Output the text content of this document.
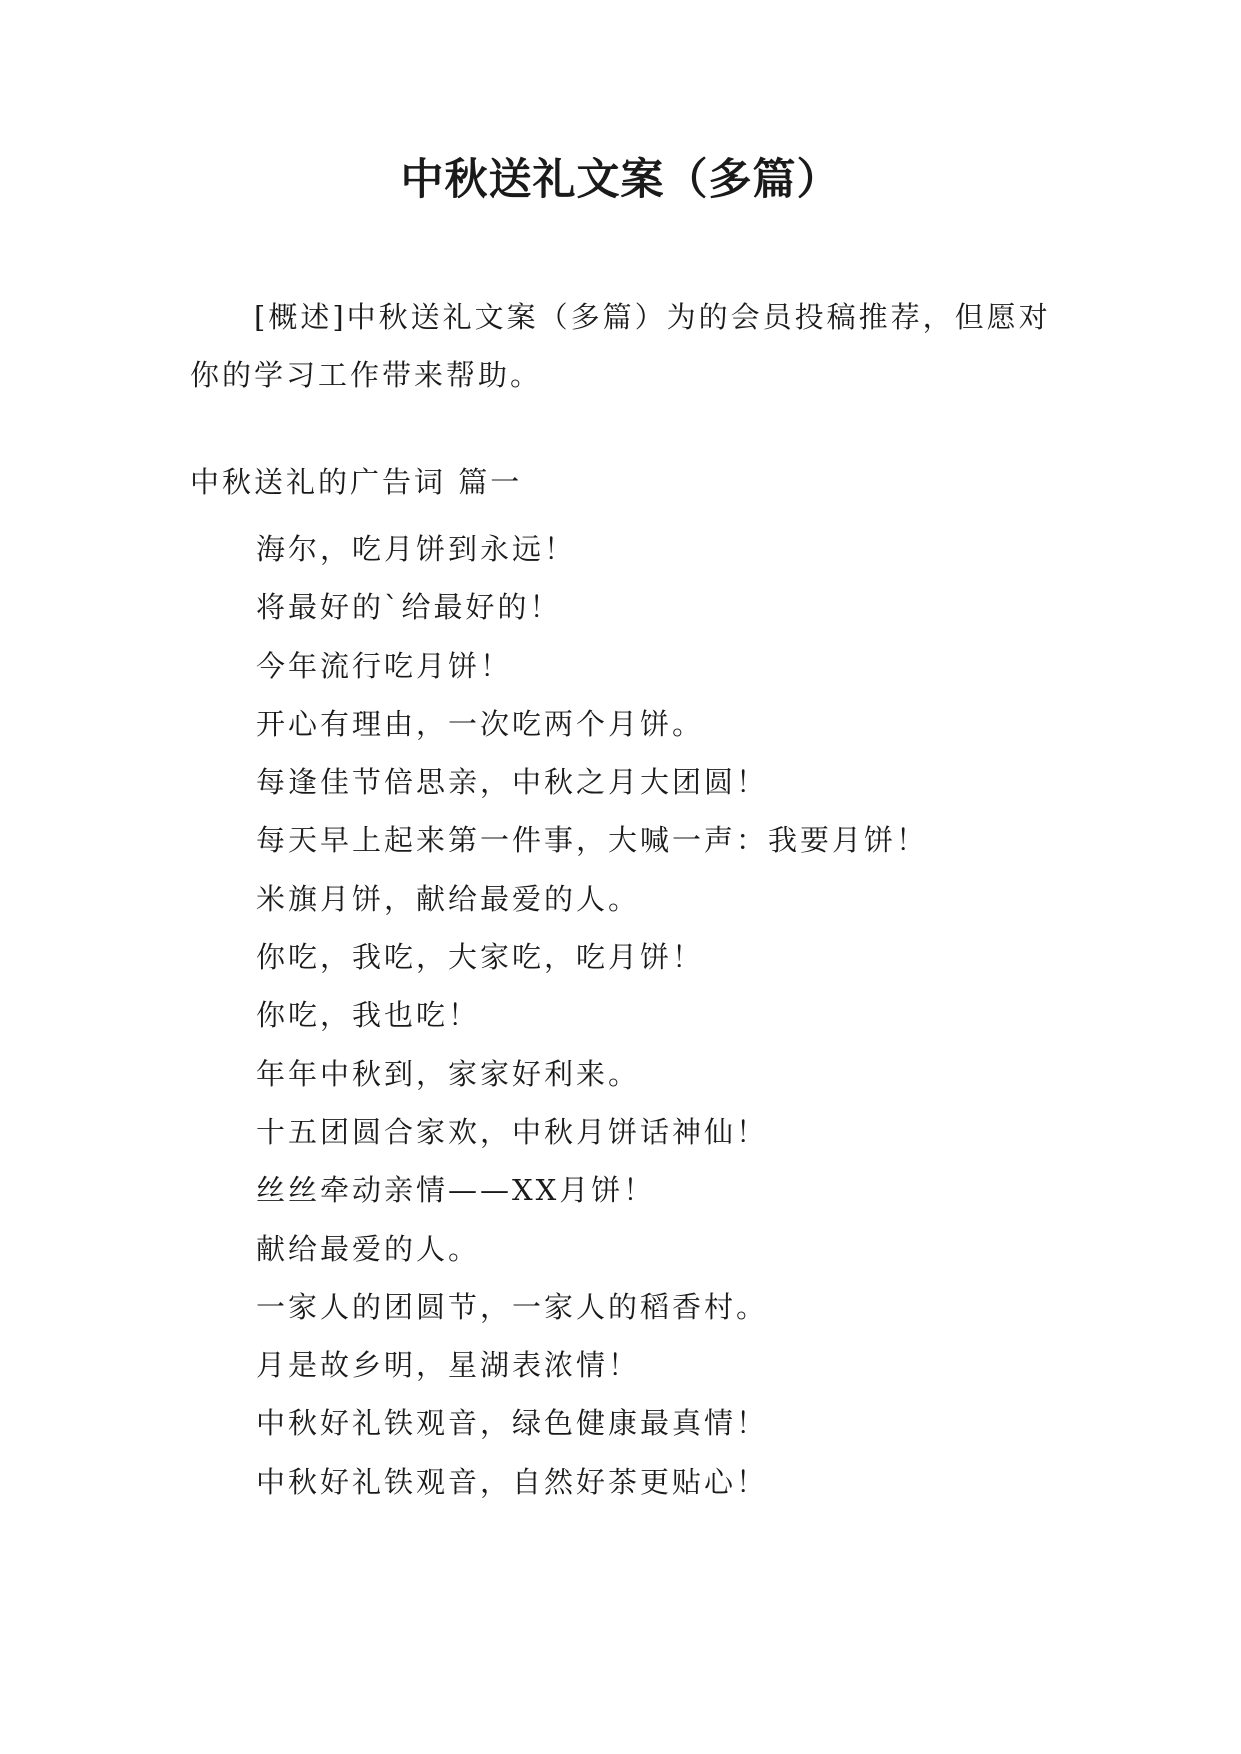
中秋送礼文案（多篇）

[概述]中秋送礼文案（多篇）为的会员投稿推荐，但愿对你的学习工作带来帮助。

中秋送礼的广告词 篇一

海尔，吃月饼到永远！
将最好的`给最好的！
今年流行吃月饼！
开心有理由，一次吃两个月饼。
每逢佳节倍思亲，中秋之月大团圆！
每天早上起来第一件事，大喊一声：我要月饼！
米旗月饼，献给最爱的人。
你吃，我吃，大家吃，吃月饼！
你吃，我也吃！
年年中秋到，家家好利来。
十五团圆合家欢，中秋月饼话神仙！
丝丝牵动亲情——XX月饼！
献给最爱的人。
一家人的团圆节，一家人的稻香村。
月是故乡明，星湖表浓情！
中秋好礼铁观音，绿色健康最真情！
中秋好礼铁观音，自然好茶更贴心！
